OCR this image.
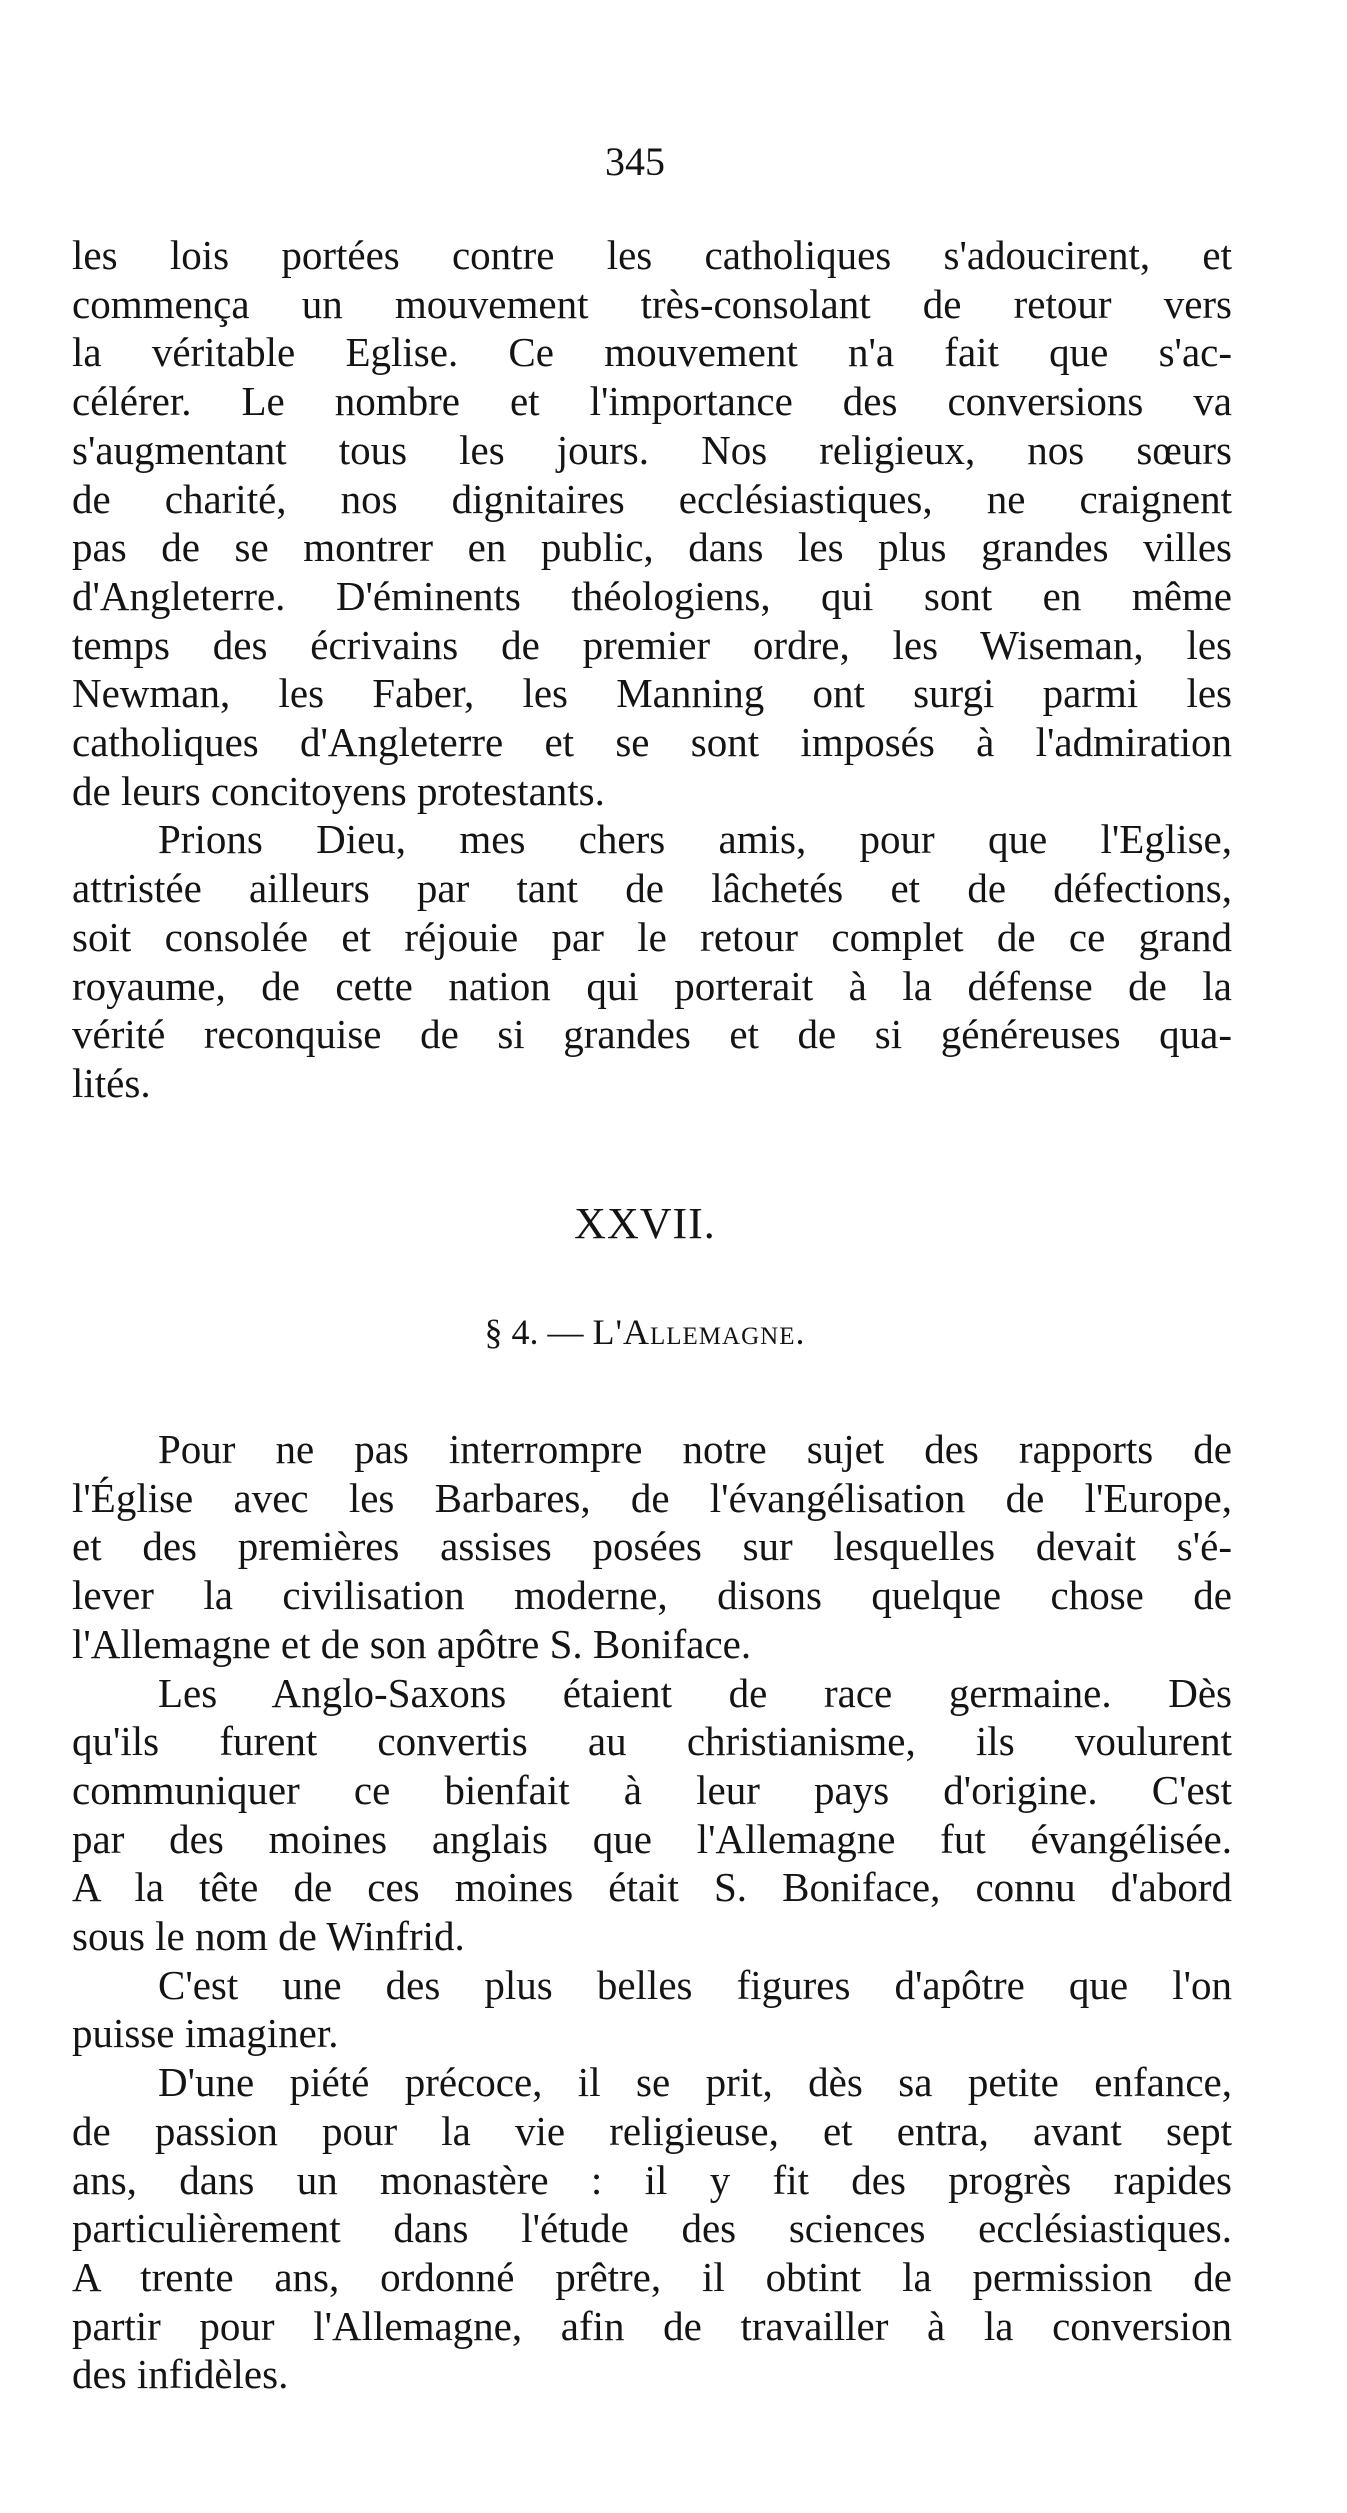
345
les lois portées contre les catholiques s'adoucirent, et
commença un mouvement très-consolant de retour vers
la véritable Eglise. Ce mouvement n'a fait que s'ac-
célérer. Le nombre et l'importance des conversions va
s'augmentant tous les jours. Nos religieux, nos sœurs
de charité, nos dignitaires ecclésiastiques, ne craignent
pas de se montrer en public, dans les plus grandes villes
d'Angleterre. D'éminents théologiens, qui sont en même
temps des écrivains de premier ordre, les Wiseman, les
Newman, les Faber, les Manning ont surgi parmi les
catholiques d'Angleterre et se sont imposés à l'admiration
de leurs concitoyens protestants.
Prions Dieu, mes chers amis, pour que l'Eglise,
attristée ailleurs par tant de lâchetés et de défections,
soit consolée et réjouie par le retour complet de ce grand
royaume, de cette nation qui porterait à la défense de la
vérité reconquise de si grandes et de si généreuses qua-
lités.
XXVII.
§ 4. — L'Allemagne.
Pour ne pas interrompre notre sujet des rapports de
l'Église avec les Barbares, de l'évangélisation de l'Europe,
et des premières assises posées sur lesquelles devait s'é-
lever la civilisation moderne, disons quelque chose de
l'Allemagne et de son apôtre S. Boniface.
Les Anglo-Saxons étaient de race germaine. Dès
qu'ils furent convertis au christianisme, ils voulurent
communiquer ce bienfait à leur pays d'origine. C'est
par des moines anglais que l'Allemagne fut évangélisée.
A la tête de ces moines était S. Boniface, connu d'abord
sous le nom de Winfrid.
C'est une des plus belles figures d'apôtre que l'on
puisse imaginer.
D'une piété précoce, il se prit, dès sa petite enfance,
de passion pour la vie religieuse, et entra, avant sept
ans, dans un monastère : il y fit des progrès rapides
particulièrement dans l'étude des sciences ecclésiastiques.
A trente ans, ordonné prêtre, il obtint la permission de
partir pour l'Allemagne, afin de travailler à la conversion
des infidèles.
